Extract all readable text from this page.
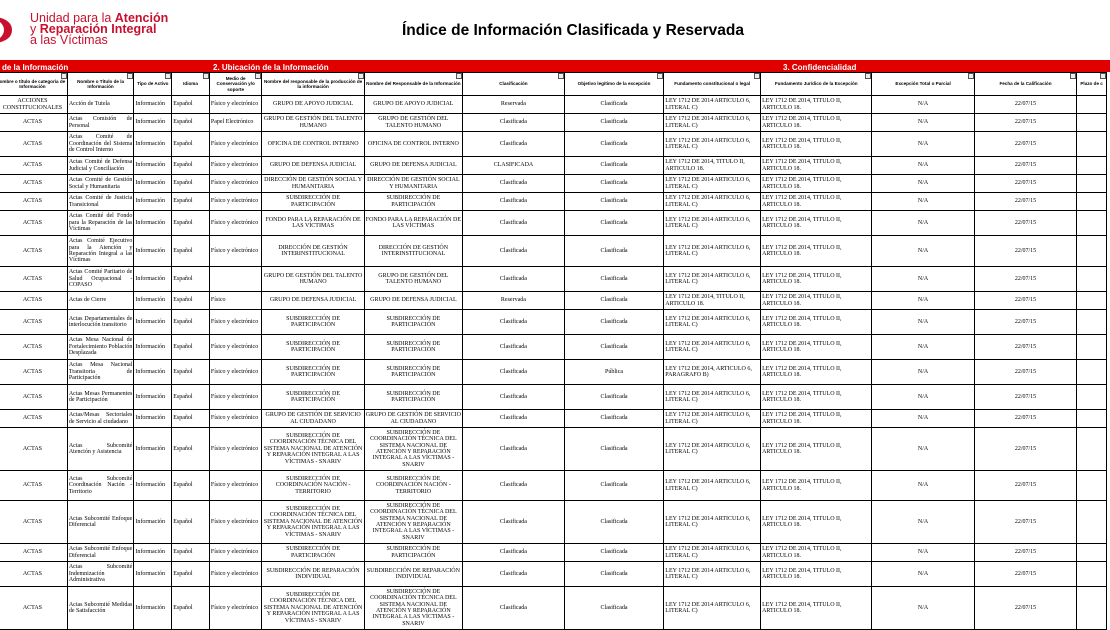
Unidad para la Atención
y Reparación Integral
a las Víctimas
Índice de Información Clasificada y Reservada
de la Información	2. Ubicación de la Información	3. Confidencialidad
ombre o título de categoría de Información	Nombre o Título de la Información	Tipo de Activo	Idioma	Medio de Conservación y/o soporte	Nombre del responsable de la producción de la información	Nombre del Responsable de la Información	Clasificación	Objetivo legítimo de la excepción	Fundamento constitucional o legal	Fundamento Jurídico de la Excepción	Excepción Total o Parcial	Fecha de la Calificación	Plazo de c

ACCIONES CONSTITUCIONALES	Acción de Tutela	Información	Español	Físico y electrónico	GRUPO DE APOYO JUDICIAL	GRUPO DE APOYO JUDICIAL	Reservada	Clasificada	LEY 1712 DE 2014 ARTICULO 6, LITERAL C)	LEY 1712 DE 2014, TITULO II, ARTICULO 18.	N/A	22/07/15	
ACTAS	Actas Comisión de Personal	Información	Español	Papel Electrónico	GRUPO DE GESTIÓN DEL TALENTO HUMANO	GRUPO DE GESTIÓN DEL TALENTO HUMANO	Clasificada	Clasificada	LEY 1712 DE 2014 ARTICULO 6, LITERAL C)	LEY 1712 DE 2014, TITULO II, ARTICULO 18.	N/A	22/07/15	
ACTAS	Actas Comité de Coordinación del Sistema de Control Interno	Información	Español	Físico y electrónico	OFICINA DE CONTROL INTERNO	OFICINA DE CONTROL INTERNO	Clasificada	Clasificada	LEY 1712 DE 2014 ARTICULO 6, LITERAL C)	LEY 1712 DE 2014, TITULO II, ARTICULO 18.	N/A	22/07/15	
ACTAS	Actas Comité de Defensa Judicial y Conciliación	Información	Español	Físico y electrónico	GRUPO DE DEFENSA JUDICIAL	GRUPO DE DEFENSA JUDICIAL	CLASIFICADA	Clasificada	LEY 1712 DE 2014, TITULO II, ARTICULO 18.	LEY 1712 DE 2014, TITULO II, ARTICULO 18.	N/A	22/07/15	
ACTAS	Actas Comité de Gestión Social y Humanitaria	Información	Español	Físico y electrónico	DIRECCIÓN DE GESTIÓN SOCIAL Y HUMANITARIA	DIRECCIÓN DE GESTIÓN SOCIAL Y HUMANITARIA	Clasificada	Clasificada	LEY 1712 DE 2014 ARTICULO 6, LITERAL C)	LEY 1712 DE 2014, TITULO II, ARTICULO 18.	N/A	22/07/15	
ACTAS	Actas Comité de Justicia Transicional	Información	Español	Físico y electrónico	SUBDIRECCIÓN DE PARTICIPACIÓN	SUBDIRECCIÓN DE PARTICIPACIÓN	Clasificada	Clasificada	LEY 1712 DE 2014 ARTICULO 6, LITERAL C)	LEY 1712 DE 2014, TITULO II, ARTICULO 18.	N/A	22/07/15	
ACTAS	Actas Comité del Fondo para la Reparación de las Víctimas	Información	Español	Físico y electrónico	FONDO PARA LA REPARACIÓN DE LAS VÍCTIMAS	FONDO PARA LA REPARACIÓN DE LAS VÍCTIMAS	Clasificada	Clasificada	LEY 1712 DE 2014 ARTICULO 6, LITERAL C)	LEY 1712 DE 2014, TITULO II, ARTICULO 18.	N/A	22/07/15	
ACTAS	Actas Comité Ejecutivo para la Atención y Reparación Integral a las Víctimas	Información	Español	Físico y electrónico	DIRECCIÓN DE GESTIÓN INTERINSTITUCIONAL	DIRECCIÓN DE GESTIÓN INTERINSTITUCIONAL	Clasificada	Clasificada	LEY 1712 DE 2014 ARTICULO 6, LITERAL C)	LEY 1712 DE 2014, TITULO II, ARTICULO 18.	N/A	22/07/15	
ACTAS	Actas Comité Paritario de Salud Ocupacional - COPASO	Información	Español		GRUPO DE GESTIÓN DEL TALENTO HUMANO	GRUPO DE GESTIÓN DEL TALENTO HUMANO	Clasificada	Clasificada	LEY 1712 DE 2014 ARTICULO 6, LITERAL C)	LEY 1712 DE 2014, TITULO II, ARTICULO 18.	N/A	22/07/15	
ACTAS	Actas de Cierre	Información	Español	Físico	GRUPO DE DEFENSA JUDICIAL	GRUPO DE DEFENSA JUDICIAL	Reservada	Clasificada	LEY 1712 DE 2014, TITULO II, ARTICULO 18.	LEY 1712 DE 2014, TITULO II, ARTICULO 18.	N/A	22/07/15	
ACTAS	Actas Departamentales de interlocución transitorio	Información	Español	Físico y electrónico	SUBDIRECCIÓN DE PARTICIPACIÓN	SUBDIRECCIÓN DE PARTICIPACIÓN	Clasificada	Clasificada	LEY 1712 DE 2014 ARTICULO 6, LITERAL C)	LEY 1712 DE 2014, TITULO II, ARTICULO 18.	N/A	22/07/15	
ACTAS	Actas Mesa Nacional de Fortalecimiento Población Desplazada	Información	Español	Físico y electrónico	SUBDIRECCIÓN DE PARTICIPACIÓN	SUBDIRECCIÓN DE PARTICIPACIÓN	Clasificada	Clasificada	LEY 1712 DE 2014 ARTICULO 6, LITERAL C)	LEY 1712 DE 2014, TITULO II, ARTICULO 18.	N/A	22/07/15	
ACTAS	Actas Mesa Nacional Transitoria de Participación	Información	Español	Físico y electrónico	SUBDIRECCIÓN DE PARTICIPACIÓN	SUBDIRECCIÓN DE PARTICIPACIÓN	Clasificada	Pública	LEY 1712 DE 2014, ARTICULO 6, PARAGRAFO B)	LEY 1712 DE 2014, TITULO II, ARTICULO 18.	N/A	22/07/15	
ACTAS	Actas Mesas Permanentes de Participación	Información	Español	Físico y electrónico	SUBDIRECCIÓN DE PARTICIPACIÓN	SUBDIRECCIÓN DE PARTICIPACIÓN	Clasificada	Clasificada	LEY 1712 DE 2014 ARTICULO 6, LITERAL C)	LEY 1712 DE 2014, TITULO II, ARTICULO 18.	N/A	22/07/15	
ACTAS	Actas/Mesas Sectoriales de Servicio al ciudadano	Información	Español	Físico y electrónico	GRUPO DE GESTIÓN DE SERVICIO AL CIUDADANO	GRUPO DE GESTIÓN DE SERVICIO AL CIUDADANO	Clasificada	Clasificada	LEY 1712 DE 2014 ARTICULO 6, LITERAL C)	LEY 1712 DE 2014, TITULO II, ARTICULO 18.	N/A	22/07/15	
ACTAS	Actas Subcomité Atención y Asistencia	Información	Español	Físico y electrónico	SUBDIRECCIÓN DE COORDINACIÓN TÉCNICA DEL SISTEMA NACIONAL DE ATENCIÓN Y REPARACIÓN INTEGRAL A LAS VÍCTIMAS - SNARIV	SUBDIRECCIÓN DE COORDINACIÓN TÉCNICA DEL SISTEMA NACIONAL DE ATENCIÓN Y REPARACIÓN INTEGRAL A LAS VÍCTIMAS - SNARIV	Clasificada	Clasificada	LEY 1712 DE 2014 ARTICULO 6, LITERAL C)	LEY 1712 DE 2014, TITULO II, ARTICULO 18.	N/A	22/07/15	
ACTAS	Actas Subcomité Coordinación Nación - Territorio	Información	Español	Físico y electrónico	SUBDIRECCIÓN DE COORDINACIÓN NACIÓN - TERRITORIO	SUBDIRECCIÓN DE COORDINACIÓN NACIÓN - TERRITORIO	Clasificada	Clasificada	LEY 1712 DE 2014 ARTICULO 6, LITERAL C)	LEY 1712 DE 2014, TITULO II, ARTICULO 18.	N/A	22/07/15	
ACTAS	Actas Subcomité Enfoque Diferencial	Información	Español	Físico y electrónico	SUBDIRECCIÓN DE COORDINACIÓN TÉCNICA DEL SISTEMA NACIONAL DE ATENCIÓN Y REPARACIÓN INTEGRAL A LAS VÍCTIMAS - SNARIV	SUBDIRECCIÓN DE COORDINACIÓN TÉCNICA DEL SISTEMA NACIONAL DE ATENCIÓN Y REPARACIÓN INTEGRAL A LAS VÍCTIMAS - SNARIV	Clasificada	Clasificada	LEY 1712 DE 2014 ARTICULO 6, LITERAL C)	LEY 1712 DE 2014, TITULO II, ARTICULO 18.	N/A	22/07/15	
ACTAS	Actas Subcomité Enfoque Diferencial	Información	Español	Físico y electrónico	SUBDIRECCIÓN DE PARTICIPACIÓN	SUBDIRECCIÓN DE PARTICIPACIÓN	Clasificada	Clasificada	LEY 1712 DE 2014 ARTICULO 6, LITERAL C)	LEY 1712 DE 2014, TITULO II, ARTICULO 18.	N/A	22/07/15	
ACTAS	Actas Subcomité Indemnización Administrativa	Información	Español	Físico y electrónico	SUBDIRECCIÓN DE REPARACIÓN INDIVIDUAL	SUBDIRECCIÓN DE REPARACIÓN INDIVIDUAL	Clasificada	Clasificada	LEY 1712 DE 2014 ARTICULO 6, LITERAL C)	LEY 1712 DE 2014, TITULO II, ARTICULO 18.	N/A	22/07/15	
ACTAS	Actas Subcomité Medidas de Satisfacción	Información	Español	Físico y electrónico	SUBDIRECCIÓN DE COORDINACIÓN TÉCNICA DEL SISTEMA NACIONAL DE ATENCIÓN Y REPARACIÓN INTEGRAL A LAS VÍCTIMAS - SNARIV	SUBDIRECCIÓN DE COORDINACIÓN TÉCNICA DEL SISTEMA NACIONAL DE ATENCIÓN Y REPARACIÓN INTEGRAL A LAS VÍCTIMAS - SNARIV	Clasificada	Clasificada	LEY 1712 DE 2014 ARTICULO 6, LITERAL C)	LEY 1712 DE 2014, TITULO II, ARTICULO 18.	N/A	22/07/15	
